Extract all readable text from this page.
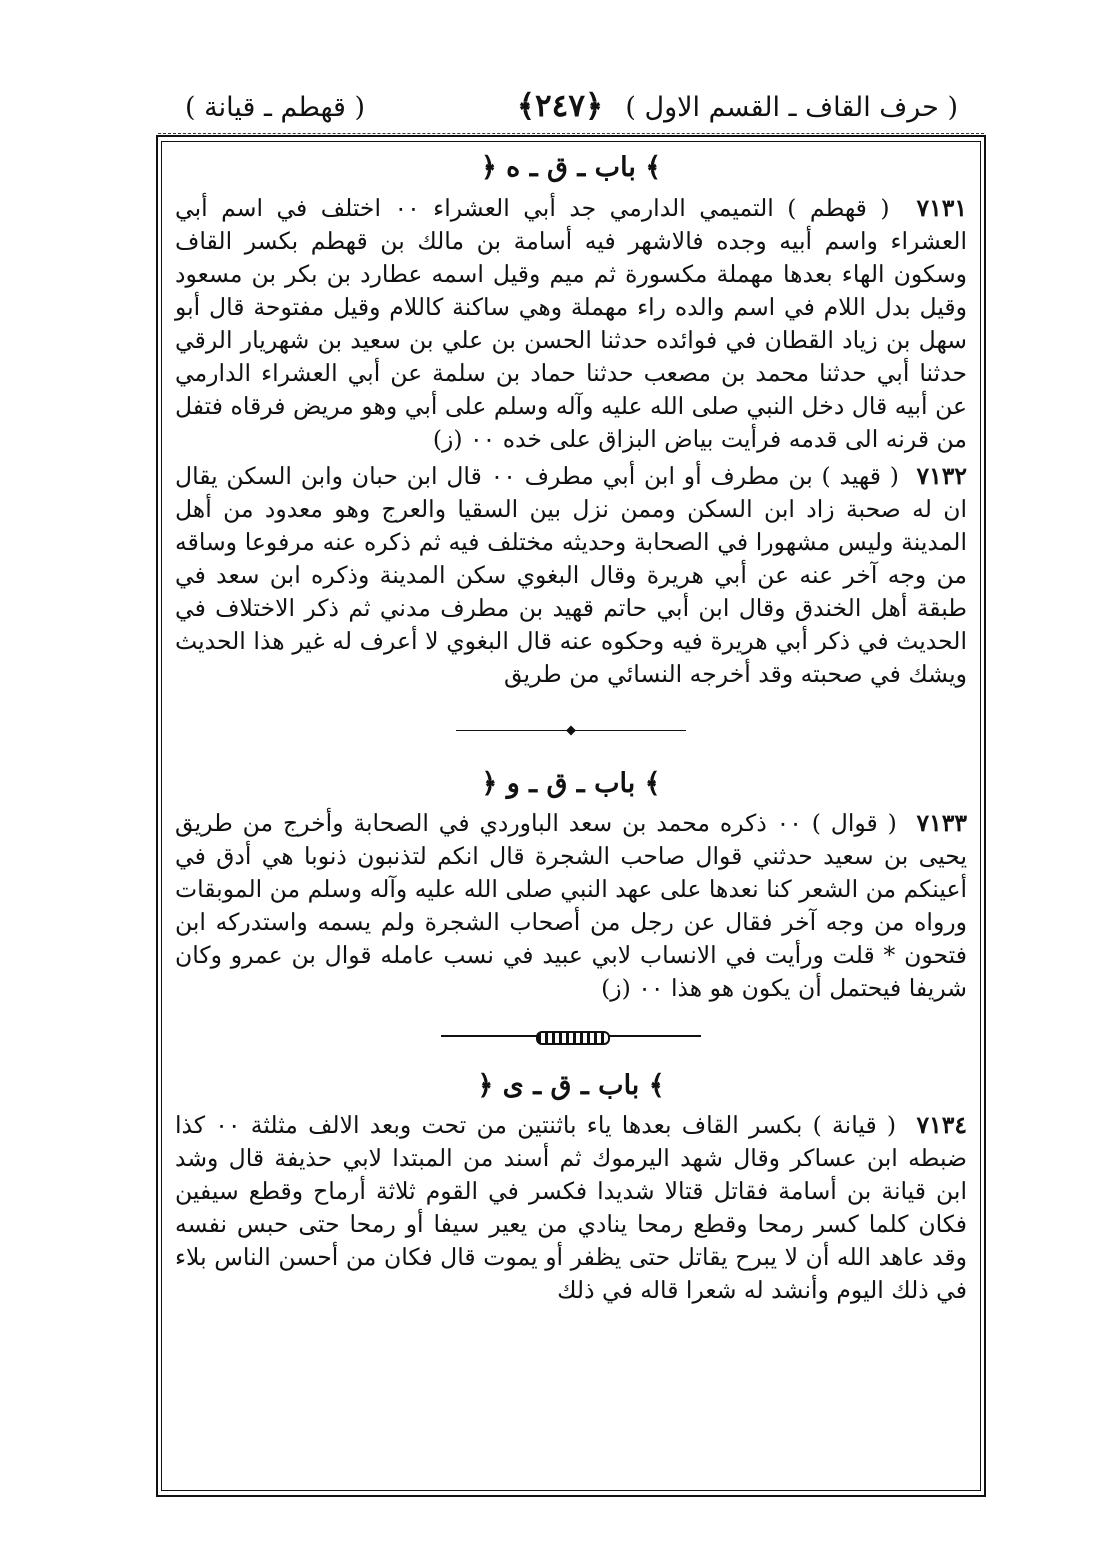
( حرف القاف ـ القسم الاول )
﴾٢٤٧﴿
( قهطم ـ قيانة )
﴾ باب ـ ق ـ ه ﴿

٧١٣١  ( قهطم ) التميمي الدارمي جد أبي العشراء ٠٠ اختلف في اسم أبي العشراء واسم أبيه وجده فالاشهر فيه أسامة بن مالك بن قهطم بكسر القاف وسكون الهاء بعدها مهملة مكسورة ثم ميم وقيل اسمه عطارد بن بكر بن مسعود وقيل بدل اللام في اسم والده راء مهملة وهي ساكنة كاللام وقيل مفتوحة قال أبو سهل بن زياد القطان في فوائده حدثنا الحسن بن علي بن سعيد بن شهريار الرقي حدثنا أبي حدثنا محمد بن مصعب حدثنا حماد بن سلمة عن أبي العشراء الدارمي عن أبيه قال دخل النبي صلى الله عليه وآله وسلم على أبي وهو مريض فرقاه فتفل من قرنه الى قدمه فرأيت بياض البزاق على خده ٠٠ (ز)

٧١٣٢  ( قهيد ) بن مطرف أو ابن أبي مطرف ٠٠ قال ابن حبان وابن السكن يقال ان له صحبة زاد ابن السكن وممن نزل بين السقيا والعرج وهو معدود من أهل المدينة وليس مشهورا في الصحابة وحديثه مختلف فيه ثم ذكره عنه مرفوعا وساقه من وجه آخر عنه عن أبي هريرة وقال البغوي سكن المدينة وذكره ابن سعد في طبقة أهل الخندق وقال ابن أبي حاتم قهيد بن مطرف مدني ثم ذكر الاختلاف في الحديث في ذكر أبي هريرة فيه وحكوه عنه قال البغوي لا أعرف له غير هذا الحديث ويشك في صحبته وقد أخرجه النسائي من طريق

﴾ باب ـ ق ـ و ﴿

٧١٣٣  ( قوال ) ٠٠ ذكره محمد بن سعد الباوردي في الصحابة وأخرج من طريق يحيى بن سعيد حدثني قوال صاحب الشجرة قال انكم لتذنبون ذنوبا هي أدق في أعينكم من الشعر كنا نعدها على عهد النبي صلى الله عليه وآله وسلم من الموبقات ورواه من وجه آخر فقال عن رجل من أصحاب الشجرة ولم يسمه واستدركه ابن فتحون * قلت ورأيت في الانساب لابي عبيد في نسب عامله قوال بن عمرو وكان شريفا فيحتمل أن يكون هو هذا ٠٠ (ز)

﴾ باب ـ ق ـ ى ﴿

٧١٣٤  ( قيانة ) بكسر القاف بعدها ياء باثنتين من تحت وبعد الالف مثلثة ٠٠ كذا ضبطه ابن عساكر وقال شهد اليرموك ثم أسند من المبتدا لابي حذيفة قال وشد ابن قيانة بن أسامة فقاتل قتالا شديدا فكسر في القوم ثلاثة أرماح وقطع سيفين فكان كلما كسر رمحا وقطع رمحا ينادي من يعير سيفا أو رمحا حتى حبس نفسه وقد عاهد الله أن لا يبرح يقاتل حتى يظفر أو يموت قال فكان من أحسن الناس بلاء في ذلك اليوم وأنشد له شعرا قاله في ذلك
